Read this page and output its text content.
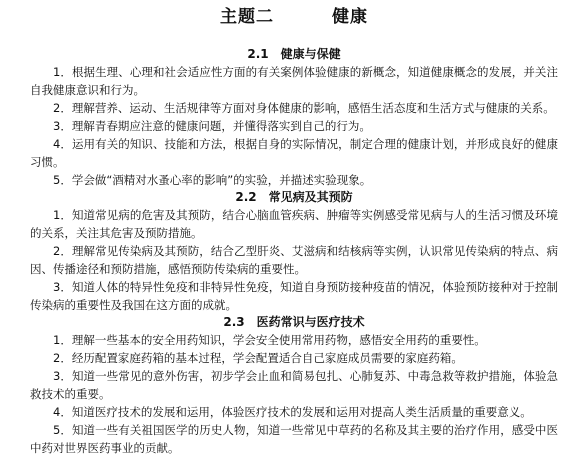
主题二	健康
2.1 健康与保健

1．根据生理、心理和社会适应性方面的有关案例体验健康的新概念，知道健康概念的发展，并关注自我健康意识和行为。

2．理解营养、运动、生活规律等方面对身体健康的影响，感悟生活态度和生活方式与健康的关系。

3．理解青春期应注意的健康问题，并懂得落实到自己的行为。

4．运用有关的知识、技能和方法，根据自身的实际情况，制定合理的健康计划，并形成良好的健康习惯。

5．学会做“酒精对水蚤心率的影响”的实验，并描述实验现象。

2.2 常见病及其预防

1．知道常见病的危害及其预防，结合心脑血管疾病、肿瘤等实例感受常见病与人的生活习惯及环境的关系，关注其危害及预防措施。

2．理解常见传染病及其预防，结合乙型肝炎、艾滋病和结核病等实例，认识常见传染病的特点、病因、传播途径和预防措施，感悟预防传染病的重要性。

3．知道人体的特异性免疫和非特异性免疫，知道自身预防接种疫苗的情况，体验预防接种对于控制传染病的重要性及我国在这方面的成就。

2.3 医药常识与医疗技术

1．理解一些基本的安全用药知识，学会安全使用常用药物，感悟安全用药的重要性。

2．经历配置家庭药箱的基本过程，学会配置适合自己家庭成员需要的家庭药箱。

3．知道一些常见的意外伤害，初步学会止血和简易包扎、心肺复苏、中毒急救等救护措施，体验急救技术的重要。

4．知道医疗技术的发展和运用，体验医疗技术的发展和运用对提高人类生活质量的重要意义。

5．知道一些有关祖国医学的历史人物，知道一些常见中草药的名称及其主要的治疗作用，感受中医中药对世界医药事业的贡献。
